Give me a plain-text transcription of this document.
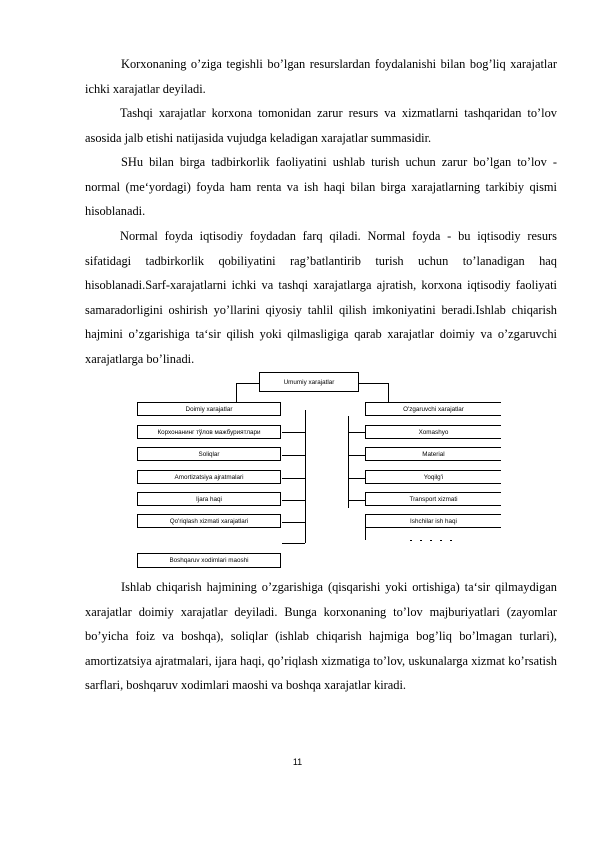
Korxonaning o’ziga tegishli bo’lgan resurslardan foydalanishi bilan bog’liq xarajatlar ichki xarajatlar deyiladi.

Tashqi xarajatlar korxona tomonidan zarur resurs va xizmatlarni tashqaridan to’lov asosida jalb etishi natijasida vujudga keladigan xarajatlar summasidir.

SHu bilan birga tadbirkorlik faoliyatini ushlab turish uchun zarur bo’lgan to’lov - normal (me‘yordagi) foyda ham renta va ish haqi bilan birga xarajatlarning tarkibiy qismi hisoblanadi.

Normal foyda iqtisodiy foydadan farq qiladi. Normal foyda - bu iqtisodiy resurs sifatidagi tadbirkorlik qobiliyatini rag’batlantirib turish uchun to’lanadigan haq hisoblanadi.Sarf-xarajatlarni ichki va tashqi xarajatlarga ajratish, korxona iqtisodiy faoliyati samaradorligini oshirish yo’llarini qiyosiy tahlil qilish imkoniyatini beradi.Ishlab chiqarish hajmini o’zgarishiga ta‘sir qilish yoki qilmasligiga qarab xarajatlar doimiy va o’zgaruvchi xarajatlarga bo’linadi.

Umumiy xarajatlar
Doimiy xarajatlar
Корхонанинг тўлов мажбуриятлари
Soliqlar
Amortizatsiya ajratmalari
Ijara haqi
Qo'riqlash xizmati xarajatlari
Boshqaruv xodimlari maoshi
O'zgaruvchi xarajatlar
Xomashyo
Material
Yoqilg'i
Transport xizmati
Ishchilar ish haqi

Ishlab chiqarish hajmining o’zgarishiga (qisqarishi yoki ortishiga) ta‘sir qilmaydigan xarajatlar doimiy xarajatlar deyiladi. Bunga korxonaning to’lov majburiyatlari (zayomlar bo’yicha foiz va boshqa), soliqlar (ishlab chiqarish hajmiga bog’liq bo’lmagan turlari), amortizatsiya ajratmalari, ijara haqi, qo’riqlash xizmatiga to’lov, uskunalarga xizmat ko’rsatish sarflari, boshqaruv xodimlari maoshi va boshqa xarajatlar kiradi.

11
